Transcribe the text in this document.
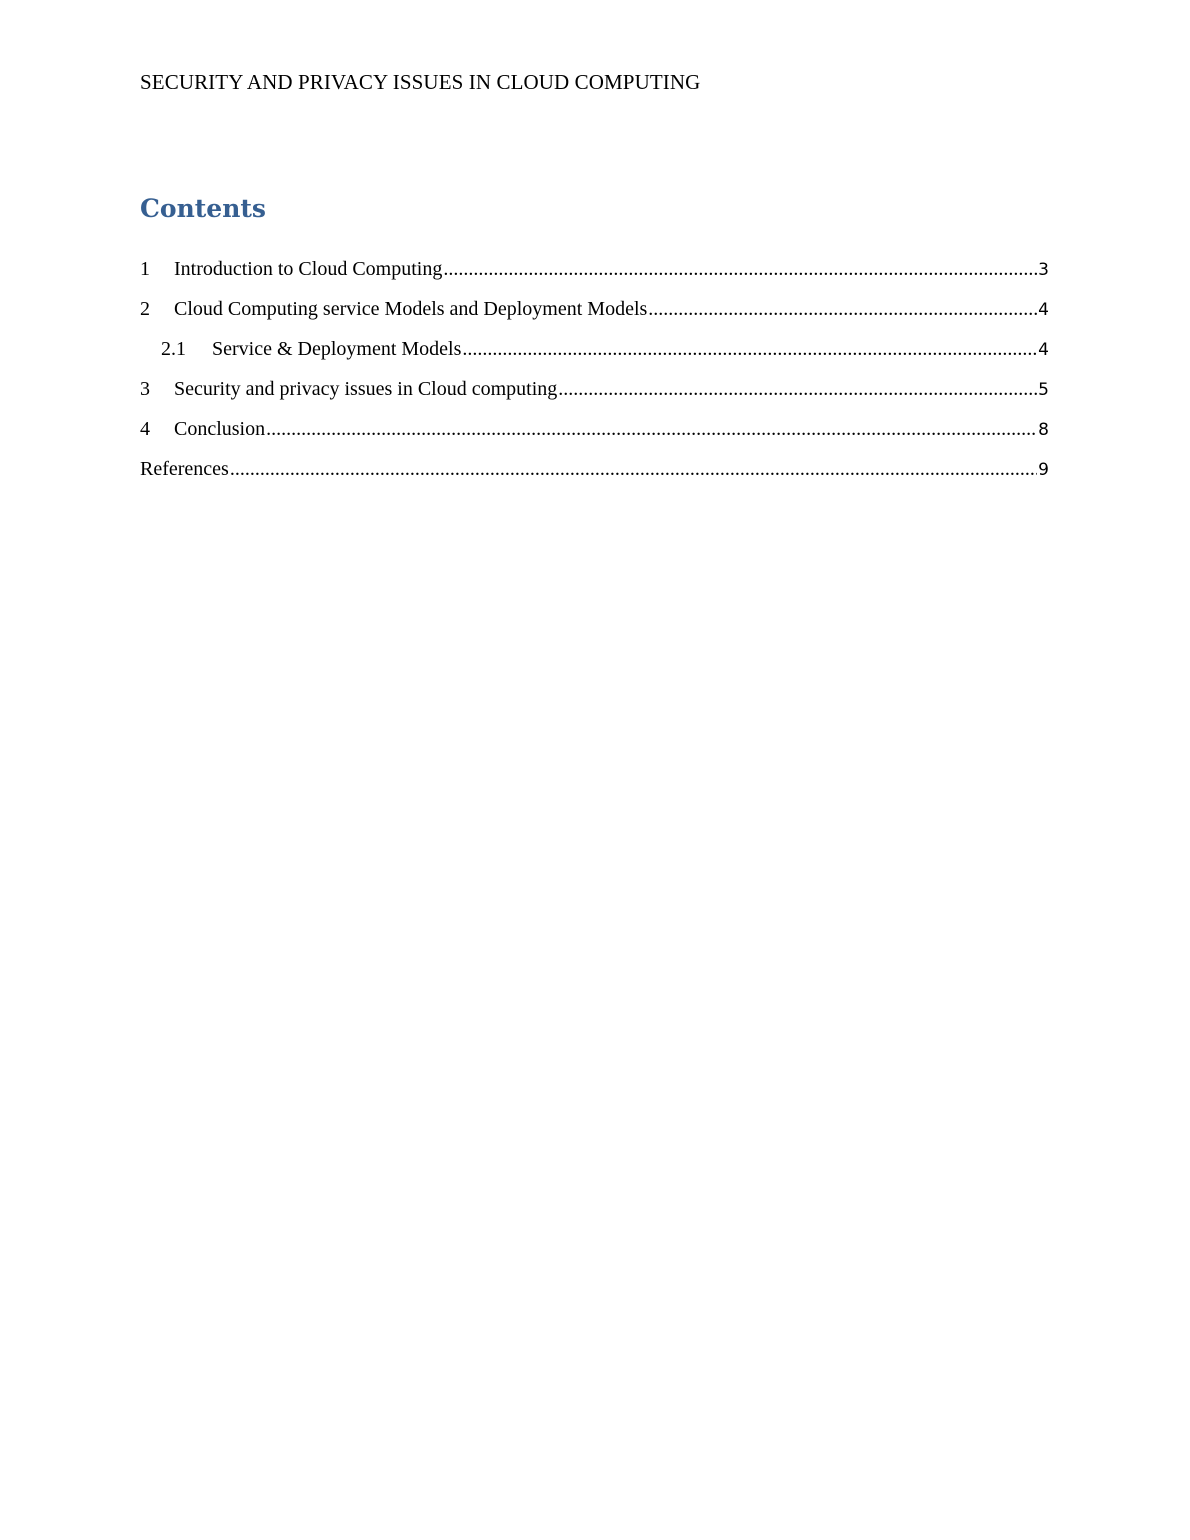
SECURITY AND PRIVACY ISSUES IN CLOUD COMPUTING
Contents
1	Introduction to Cloud Computing .....	3
2	Cloud Computing service Models and Deployment Models .....	4
2.1	Service & Deployment Models .....	4
3	Security and privacy issues in Cloud computing .....	5
4	Conclusion .....	8
References .....	9
